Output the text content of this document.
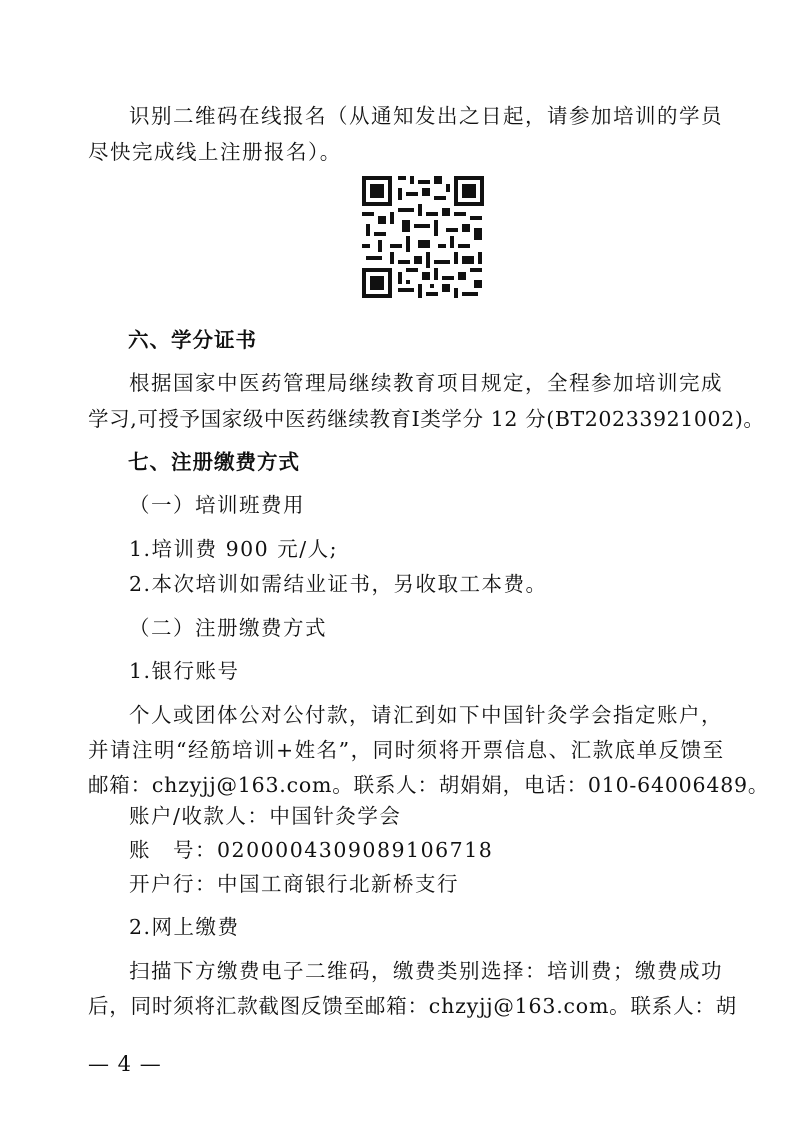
识别二维码在线报名（从通知发出之日起，请参加培训的学员
尽快完成线上注册报名）。
六、学分证书
根据国家中医药管理局继续教育项目规定，全程参加培训完成
学习,可授予国家级中医药继续教育Ⅰ类学分 12 分(BT20233921002)。
七、注册缴费方式
（一）培训班费用
1.培训费 900 元/人;
2.本次培训如需结业证书，另收取工本费。
（二）注册缴费方式
1.银行账号
个人或团体公对公付款，请汇到如下中国针灸学会指定账户，
并请注明“经筋培训+姓名”，同时须将开票信息、汇款底单反馈至
邮箱：chzyjj@163.com。联系人：胡娟娟，电话：010-64006489。
账户/收款人：中国针灸学会
账　号：0200004309089106718
开户行：中国工商银行北新桥支行
2.网上缴费
扫描下方缴费电子二维码，缴费类别选择：培训费；缴费成功
后，同时须将汇款截图反馈至邮箱：chzyjj@163.com。联系人：胡
— 4 —
